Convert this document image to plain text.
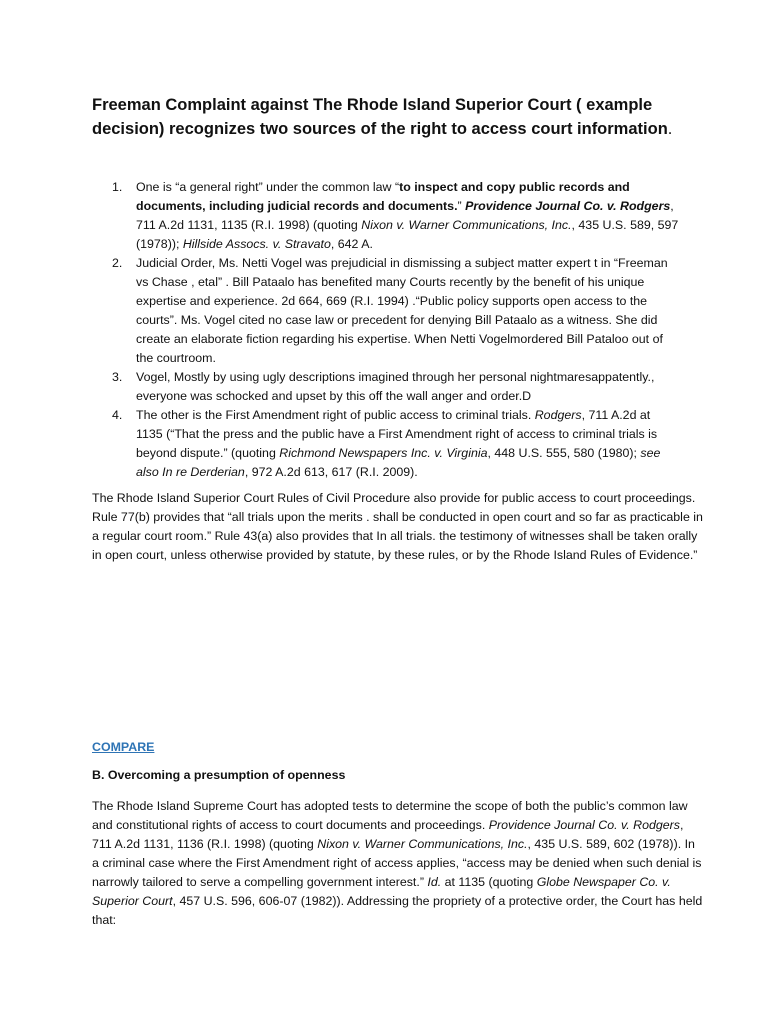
Freeman Complaint against The Rhode Island Superior Court ( example decision) recognizes two sources of the right to access court information.
1. One is “a general right” under the common law “to inspect and copy public records and documents, including judicial records and documents.” Providence Journal Co. v. Rodgers, 711 A.2d 1131, 1135 (R.I. 1998) (quoting Nixon v. Warner Communications, Inc., 435 U.S. 589, 597 (1978)); Hillside Assocs. v. Stravato, 642 A.
2. Judicial Order, Ms. Netti Vogel was prejudicial in dismissing a subject matter expert t in “Freeman vs Chase , etal” . Bill Pataalo has benefited many Courts recently by the benefit of his unique expertise and experience. 2d 664, 669 (R.I. 1994) .“Public policy supports open access to the courts”. Ms. Vogel cited no case law or precedent for denying Bill Pataalo as a witness. She did create an elaborate fiction regarding his expertise. When Netti Vogelmordered Bill Pataloo out of the courtroom.
3. Vogel, Mostly by using ugly descriptions imagined through her personal nightmaresappatently., everyone was schocked and upset by this off the wall anger and order.D
4. The other is the First Amendment right of public access to criminal trials. Rodgers, 711 A.2d at 1135 (“That the press and the public have a First Amendment right of access to criminal trials is beyond dispute.” (quoting Richmond Newspapers Inc. v. Virginia, 448 U.S. 555, 580 (1980); see also In re Derderian, 972 A.2d 613, 617 (R.I. 2009).

The Rhode Island Superior Court Rules of Civil Procedure also provide for public access to court proceedings. Rule 77(b) provides that “all trials upon the merits . shall be conducted in open court and so far as practicable in a regular court room.” Rule 43(a) also provides that In all trials. the testimony of witnesses shall be taken orally in open court, unless otherwise provided by statute, by these rules, or by the Rhode Island Rules of Evidence.”

COMPARE
B. Overcoming a presumption of openness

The Rhode Island Supreme Court has adopted tests to determine the scope of both the public’s common law and constitutional rights of access to court documents and proceedings. Providence Journal Co. v. Rodgers, 711 A.2d 1131, 1136 (R.I. 1998) (quoting Nixon v. Warner Communications, Inc., 435 U.S. 589, 602 (1978)). In a criminal case where the First Amendment right of access applies, “access may be denied when such denial is narrowly tailored to serve a compelling government interest.” Id. at 1135 (quoting Globe Newspaper Co. v. Superior Court, 457 U.S. 596, 606-07 (1982)). Addressing the propriety of a protective order, the Court has held that:
